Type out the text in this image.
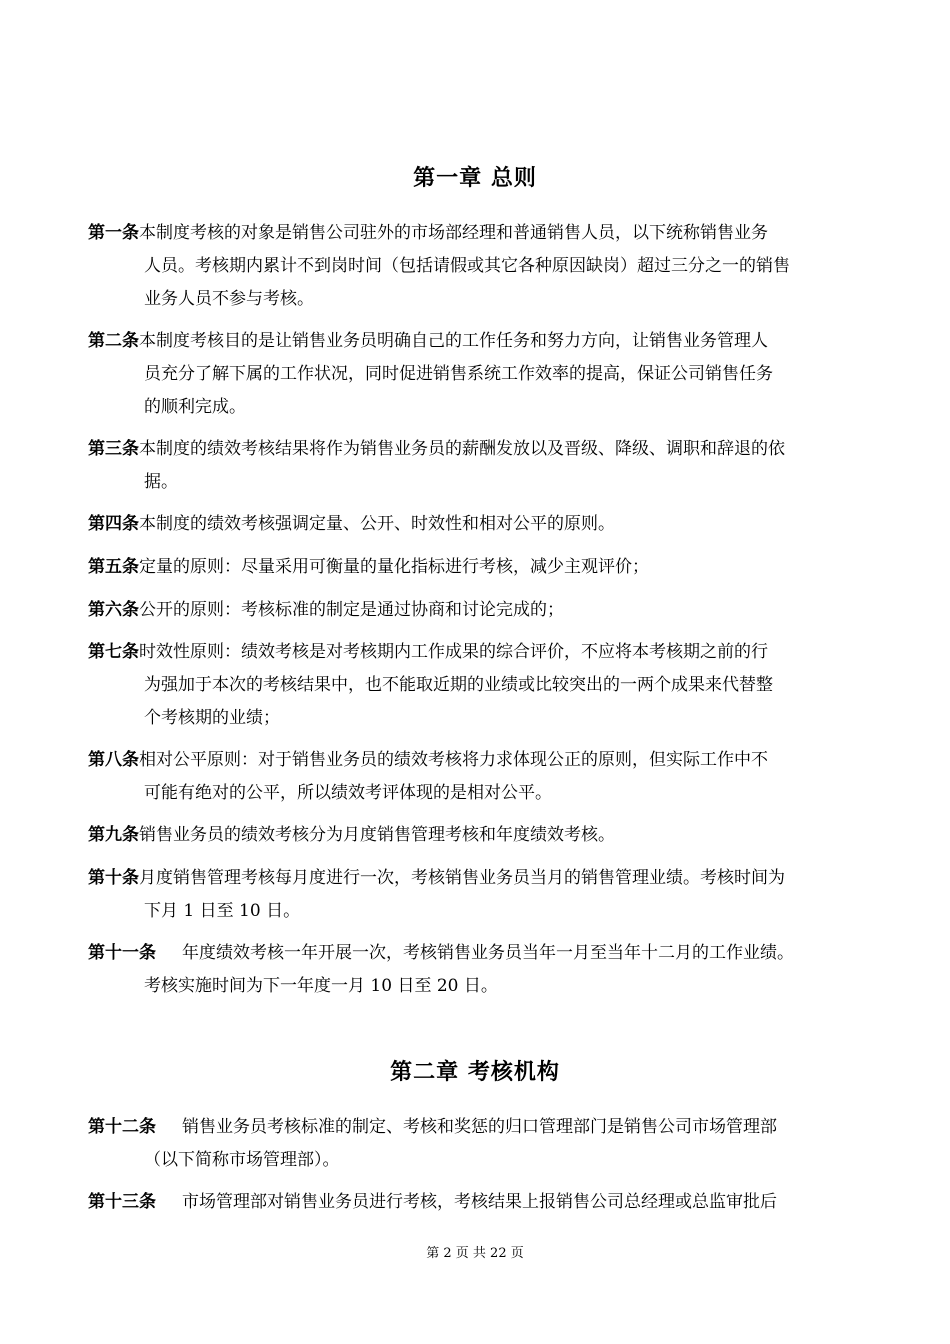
第一章 总则
第一条本制度考核的对象是销售公司驻外的市场部经理和普通销售人员，以下统称销售业务
人员。考核期内累计不到岗时间（包括请假或其它各种原因缺岗）超过三分之一的销售
业务人员不参与考核。
第二条本制度考核目的是让销售业务员明确自己的工作任务和努力方向，让销售业务管理人
员充分了解下属的工作状况，同时促进销售系统工作效率的提高，保证公司销售任务
的顺利完成。
第三条本制度的绩效考核结果将作为销售业务员的薪酬发放以及晋级、降级、调职和辞退的依
据。
第四条本制度的绩效考核强调定量、公开、时效性和相对公平的原则。
第五条定量的原则：尽量采用可衡量的量化指标进行考核，减少主观评价；
第六条公开的原则：考核标准的制定是通过协商和讨论完成的；
第七条时效性原则：绩效考核是对考核期内工作成果的综合评价，不应将本考核期之前的行
为强加于本次的考核结果中，也不能取近期的业绩或比较突出的一两个成果来代替整
个考核期的业绩；
第八条相对公平原则：对于销售业务员的绩效考核将力求体现公正的原则，但实际工作中不
可能有绝对的公平，所以绩效考评体现的是相对公平。
第九条销售业务员的绩效考核分为月度销售管理考核和年度绩效考核。
第十条月度销售管理考核每月度进行一次，考核销售业务员当月的销售管理业绩。考核时间为
下月 1 日至 10 日。
第十一条 年度绩效考核一年开展一次，考核销售业务员当年一月至当年十二月的工作业绩。
考核实施时间为下一年度一月 10 日至 20 日。
第二章 考核机构
第十二条 销售业务员考核标准的制定、考核和奖惩的归口管理部门是销售公司市场管理部
（以下简称市场管理部）。
第十三条 市场管理部对销售业务员进行考核，考核结果上报销售公司总经理或总监审批后
第 2 页 共 22 页
